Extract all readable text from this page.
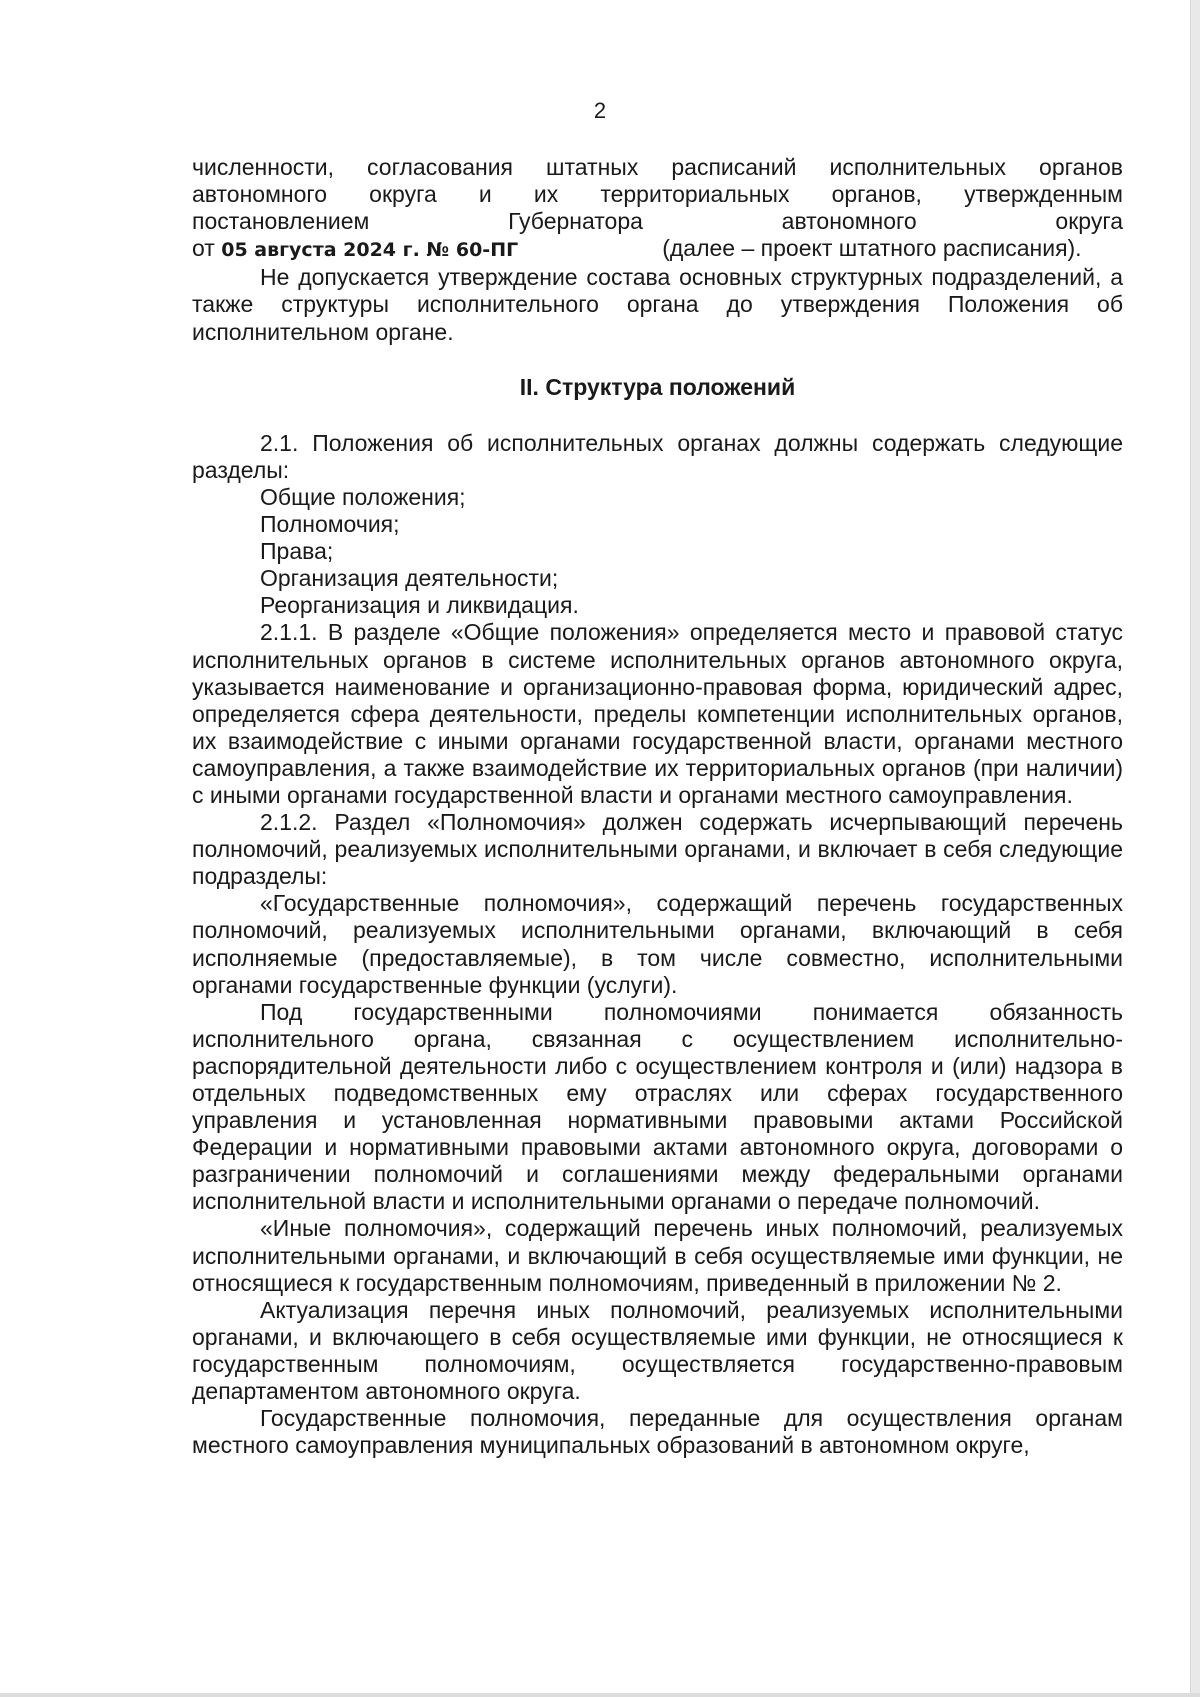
2

численности, согласования штатных расписаний исполнительных органов

автономного округа и их территориальных органов, утвержденным

постановлением Губернатора автономного округа

от 05 августа 2024 г. № 60-ПГ	(далее – проект штатного расписания).

Не допускается утверждение состава основных структурных подразделений, а также структуры исполнительного органа до утверждения Положения об исполнительном органе.

II. Структура положений

2.1. Положения об исполнительных органах должны содержать следующие разделы:

Общие положения;

Полномочия;

Права;

Организация деятельности;

Реорганизация и ликвидация.

2.1.1. В разделе «Общие положения» определяется место и правовой статус исполнительных органов в системе исполнительных органов автономного округа, указывается наименование и организационно-правовая форма, юридический адрес, определяется сфера деятельности, пределы компетенции исполнительных органов, их взаимодействие с иными органами государственной власти, органами местного самоуправления, а также взаимодействие их территориальных органов (при наличии) с иными органами государственной власти и органами местного самоуправления.

2.1.2. Раздел «Полномочия» должен содержать исчерпывающий перечень полномочий, реализуемых исполнительными органами, и включает в себя следующие подразделы:

«Государственные полномочия», содержащий перечень государственных полномочий, реализуемых исполнительными органами, включающий в себя исполняемые (предоставляемые), в том числе совместно, исполнительными органами государственные функции (услуги).

Под государственными полномочиями понимается обязанность исполнительного органа, связанная с осуществлением исполнительно-распорядительной деятельности либо с осуществлением контроля и (или) надзора в отдельных подведомственных ему отраслях или сферах государственного управления и установленная нормативными правовыми актами Российской Федерации и нормативными правовыми актами автономного округа, договорами о разграничении полномочий и соглашениями между федеральными органами исполнительной власти и исполнительными органами о передаче полномочий.

«Иные полномочия», содержащий перечень иных полномочий, реализуемых исполнительными органами, и включающий в себя осуществляемые ими функции, не относящиеся к государственным полномочиям, приведенный в приложении № 2.

Актуализация перечня иных полномочий, реализуемых исполнительными органами, и включающего в себя осуществляемые ими функции, не относящиеся к государственным полномочиям, осуществляется государственно-правовым департаментом автономного округа.

Государственные полномочия, переданные для осуществления органам местного самоуправления муниципальных образований в автономном округе,
